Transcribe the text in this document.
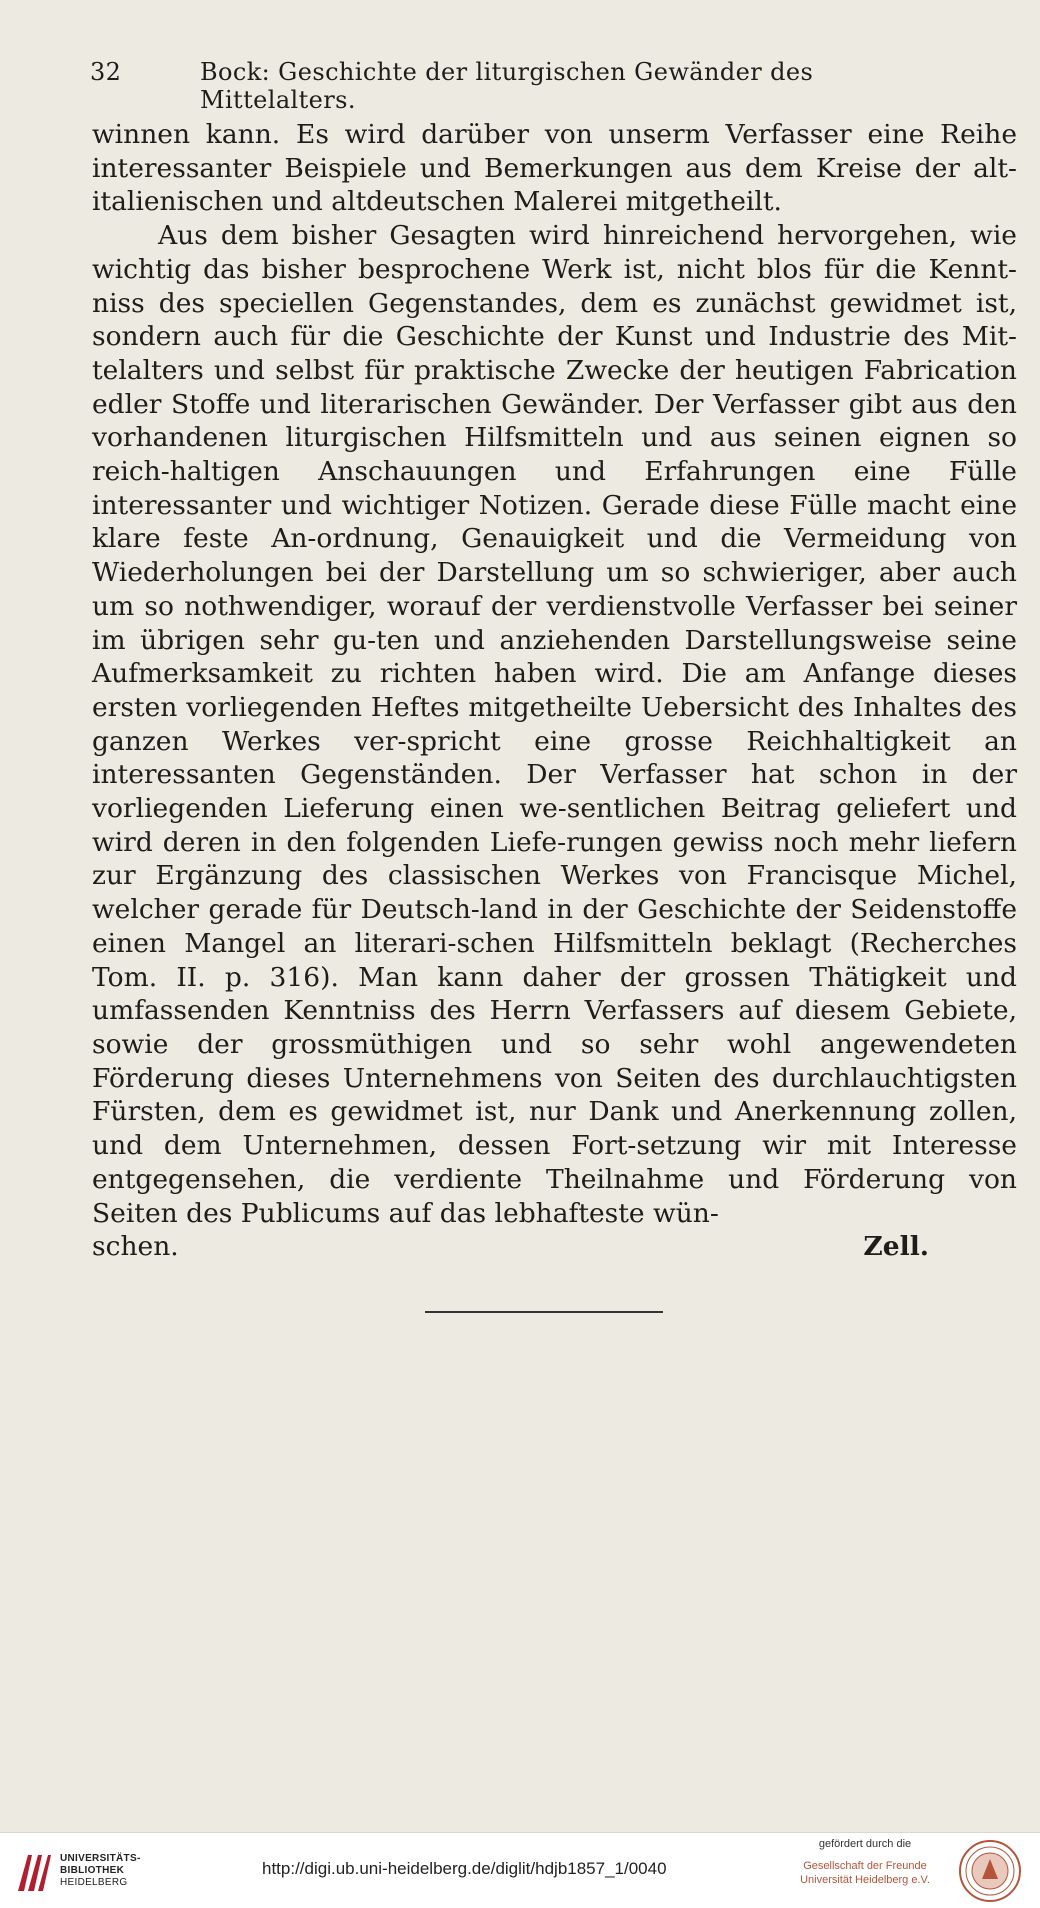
32	Bock: Geschichte der liturgischen Gewänder des Mittelalters.

winnen kann. Es wird darüber von unserm Verfasser eine Reihe interessanter Beispiele und Bemerkungen aus dem Kreise der alt-italienischen und altdeutschen Malerei mitgetheilt.

Aus dem bisher Gesagten wird hinreichend hervorgehen, wie wichtig das bisher besprochene Werk ist, nicht blos für die Kennt-niss des speciellen Gegenstandes, dem es zunächst gewidmet ist, sondern auch für die Geschichte der Kunst und Industrie des Mit-telalters und selbst für praktische Zwecke der heutigen Fabrication edler Stoffe und literarischen Gewänder. Der Verfasser gibt aus den vorhandenen liturgischen Hilfsmitteln und aus seinen eignen so reich-haltigen Anschauungen und Erfahrungen eine Fülle interessanter und wichtiger Notizen. Gerade diese Fülle macht eine klare feste An-ordnung, Genauigkeit und die Vermeidung von Wiederholungen bei der Darstellung um so schwieriger, aber auch um so nothwendiger, worauf der verdienstvolle Verfasser bei seiner im übrigen sehr gu-ten und anziehenden Darstellungsweise seine Aufmerksamkeit zu richten haben wird. Die am Anfange dieses ersten vorliegenden Heftes mitgetheilte Uebersicht des Inhaltes des ganzen Werkes ver-spricht eine grosse Reichhaltigkeit an interessanten Gegenständen. Der Verfasser hat schon in der vorliegenden Lieferung einen we-sentlichen Beitrag geliefert und wird deren in den folgenden Liefe-rungen gewiss noch mehr liefern zur Ergänzung des classischen Werkes von Francisque Michel, welcher gerade für Deutsch-land in der Geschichte der Seidenstoffe einen Mangel an literari-schen Hilfsmitteln beklagt (Recherches Tom. II. p. 316). Man kann daher der grossen Thätigkeit und umfassenden Kenntniss des Herrn Verfassers auf diesem Gebiete, sowie der grossmüthigen und so sehr wohl angewendeten Förderung dieses Unternehmens von Seiten des durchlauchtigsten Fürsten, dem es gewidmet ist, nur Dank und Anerkennung zollen, und dem Unternehmen, dessen Fort-setzung wir mit Interesse entgegensehen, die verdiente Theilnahme und Förderung von Seiten des Publicums auf das lebhafteste wün-

schen.	Zell.
UNIVERSITÄTS-
BIBLIOTHEK
HEIDELBERG
http://digi.ub.uni-heidelberg.de/diglit/hdjb1857_1/0040
gefördert durch die
Gesellschaft der Freunde
Universität Heidelberg e.V.
